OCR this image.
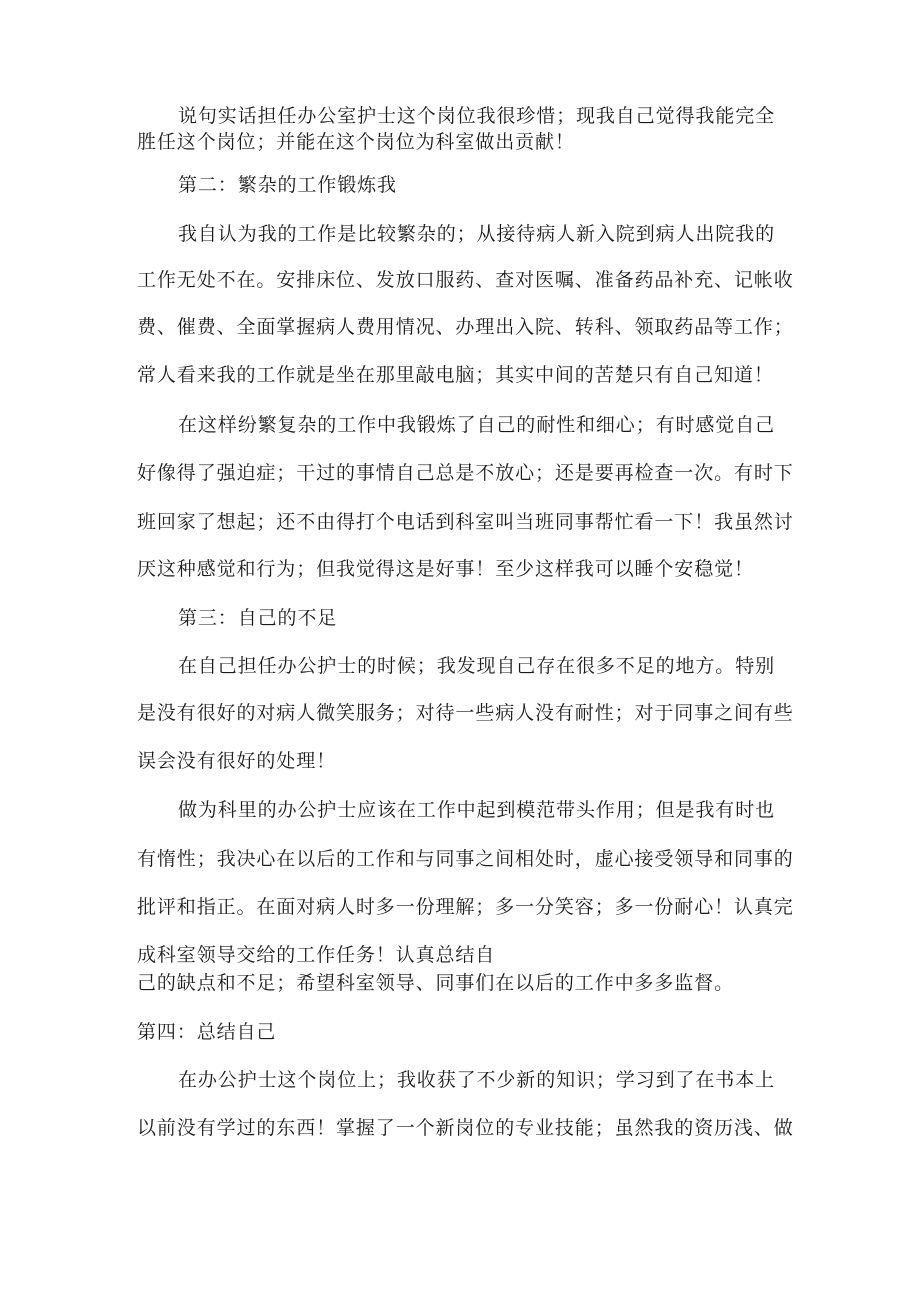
说句实话担任办公室护士这个岗位我很珍惜；现我自己觉得我能完全
胜任这个岗位；并能在这个岗位为科室做出贡献！
第二：繁杂的工作锻炼我
我自认为我的工作是比较繁杂的；从接待病人新入院到病人出院我的
工作无处不在。安排床位、发放口服药、查对医嘱、准备药品补充、记帐收
费、催费、全面掌握病人费用情况、办理出入院、转科、领取药品等工作；
常人看来我的工作就是坐在那里敲电脑；其实中间的苦楚只有自己知道！
在这样纷繁复杂的工作中我锻炼了自己的耐性和细心；有时感觉自己
好像得了强迫症；干过的事情自己总是不放心；还是要再检查一次。有时下
班回家了想起；还不由得打个电话到科室叫当班同事帮忙看一下！我虽然讨
厌这种感觉和行为；但我觉得这是好事！至少这样我可以睡个安稳觉！
第三：自己的不足
在自己担任办公护士的时候；我发现自己存在很多不足的地方。特别
是没有很好的对病人微笑服务；对待一些病人没有耐性；对于同事之间有些
误会没有很好的处理！
做为科里的办公护士应该在工作中起到模范带头作用；但是我有时也
有惰性；我决心在以后的工作和与同事之间相处时，虚心接受领导和同事的
批评和指正。在面对病人时多一份理解；多一分笑容；多一份耐心！认真完
成科室领导交给的工作任务！认真总结自
己的缺点和不足；希望科室领导、同事们在以后的工作中多多监督。
第四：总结自己
在办公护士这个岗位上；我收获了不少新的知识；学习到了在书本上
以前没有学过的东西！掌握了一个新岗位的专业技能；虽然我的资历浅、做
